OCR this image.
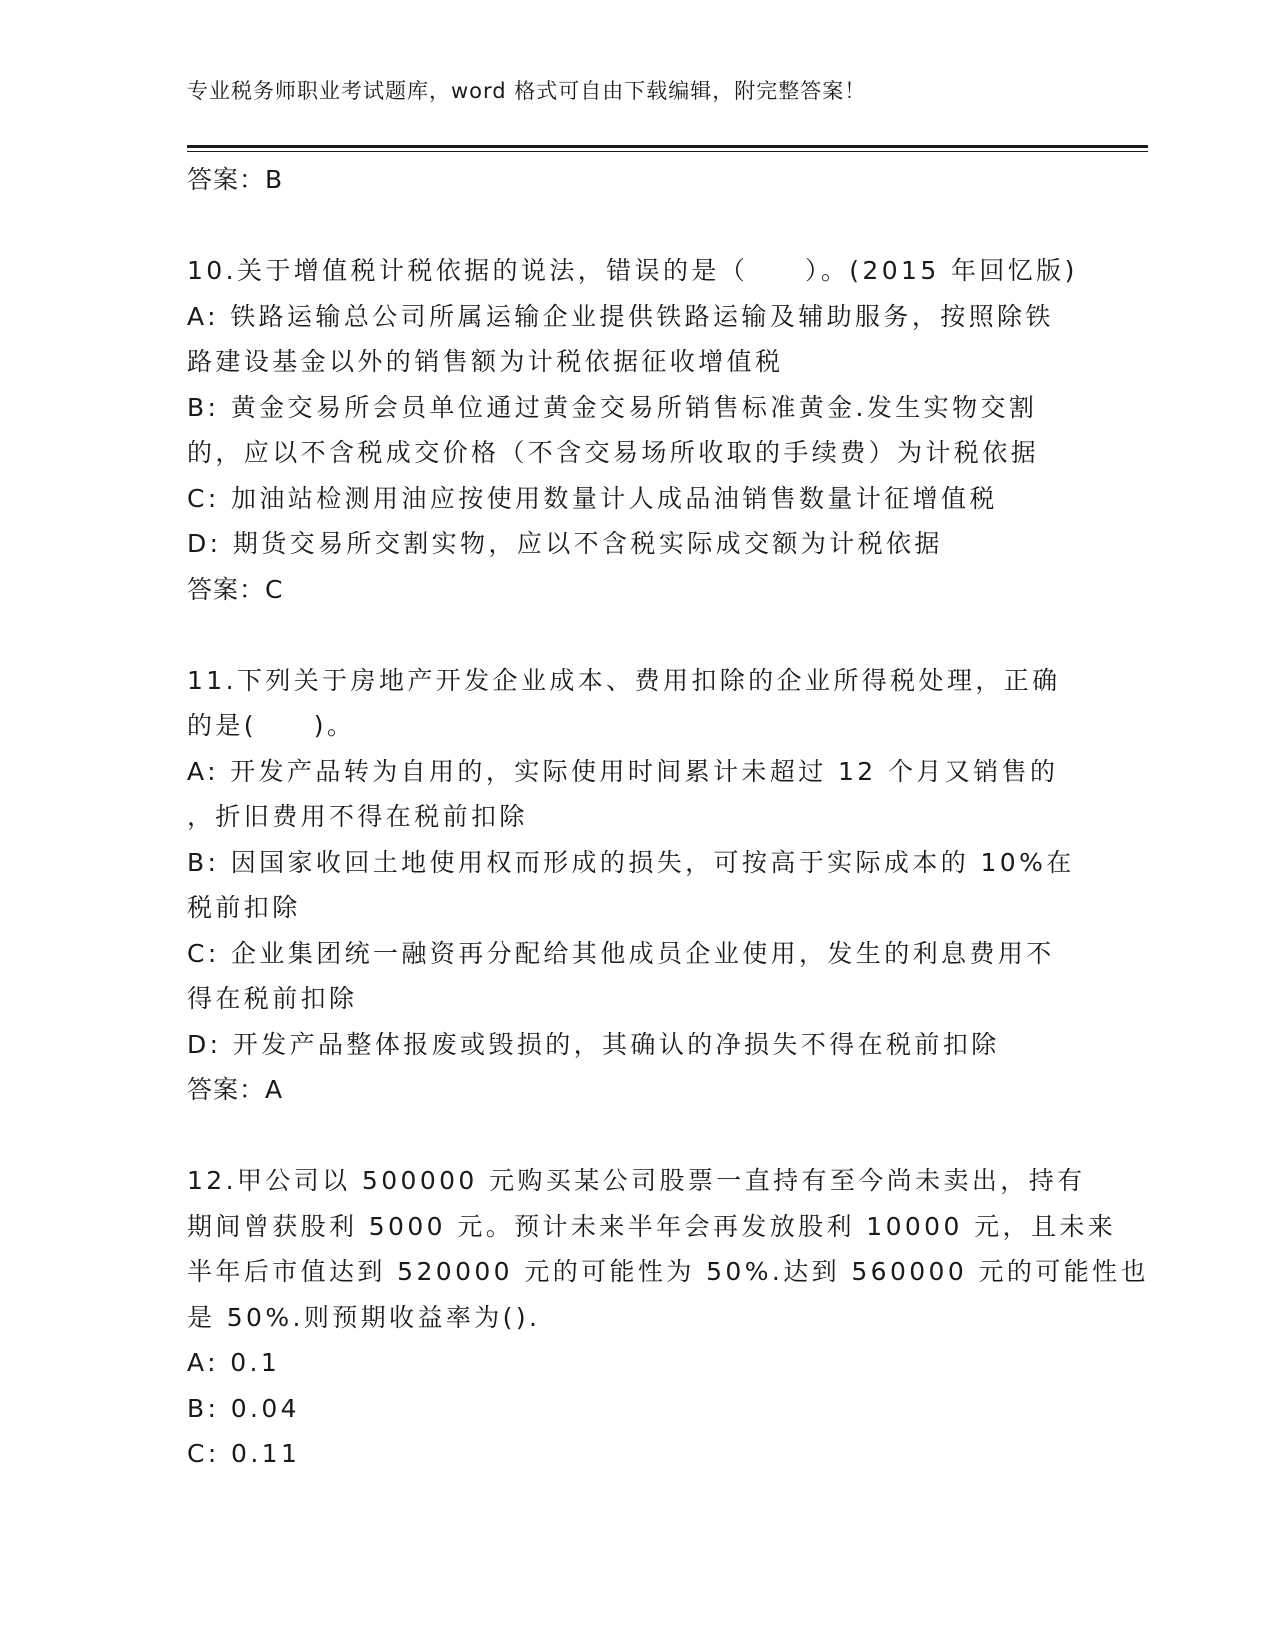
专业税务师职业考试题库，word 格式可自由下载编辑，附完整答案！
答案：B
10.关于增值税计税依据的说法，错误的是（　　）。(2015 年回忆版)
A: 铁路运输总公司所属运输企业提供铁路运输及辅助服务，按照除铁
路建设基金以外的销售额为计税依据征收增值税
B: 黄金交易所会员单位通过黄金交易所销售标准黄金.发生实物交割
的，应以不含税成交价格（不含交易场所收取的手续费）为计税依据
C: 加油站检测用油应按使用数量计人成品油销售数量计征增值税
D: 期货交易所交割实物，应以不含税实际成交额为计税依据
答案：C
11.下列关于房地产开发企业成本、费用扣除的企业所得税处理，正确
的是(　　)。
A: 开发产品转为自用的，实际使用时间累计未超过 12 个月又销售的
，折旧费用不得在税前扣除
B: 因国家收回土地使用权而形成的损失，可按高于实际成本的 10%在
税前扣除
C: 企业集团统一融资再分配给其他成员企业使用，发生的利息费用不
得在税前扣除
D: 开发产品整体报废或毁损的，其确认的净损失不得在税前扣除
答案：A
12.甲公司以 500000 元购买某公司股票一直持有至今尚未卖出，持有
期间曾获股利 5000 元。预计未来半年会再发放股利 10000 元，且未来
半年后市值达到 520000 元的可能性为 50%.达到 560000 元的可能性也
是 50%.则预期收益率为().
A: 0.1
B: 0.04
C: 0.11
